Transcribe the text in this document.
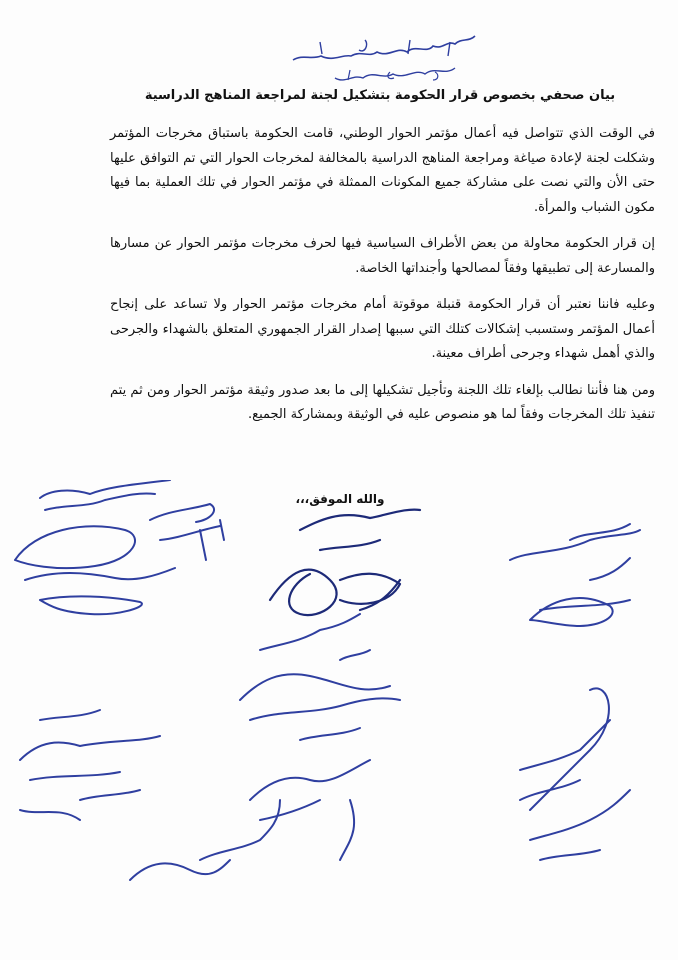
بيان صحفي بخصوص قرار الحكومة بتشكيل لجنة لمراجعة المناهج الدراسية

في الوقت الذي تتواصل فيه أعمال مؤتمر الحوار الوطني، قامت الحكومة باستباق مخرجات المؤتمر وشكلت لجنة لإعادة صياغة ومراجعة المناهج الدراسية بالمخالفة لمخرجات الحوار التي تم التوافق عليها حتى الأن والتي نصت على مشاركة جميع المكونات الممثلة في مؤتمر الحوار في تلك العملية بما فيها مكون الشباب والمرأة.

إن قرار الحكومة محاولة من بعض الأطراف السياسية فيها لحرف مخرجات مؤتمر الحوار عن مسارها والمسارعة إلى تطبيقها وفقاً لمصالحها وأجنداتها الخاصة.

وعليه فاننا نعتبر أن قرار الحكومة قنبلة موقوتة أمام مخرجات مؤتمر الحوار ولا تساعد على إنجاح أعمال المؤتمر وستسبب إشكالات كتلك التي سببها إصدار القرار الجمهوري المتعلق بالشهداء والجرحى والذي أهمل شهداء وجرحى أطراف معينة.

ومن هنا فأننا نطالب بإلغاء تلك اللجنة وتأجيل تشكيلها إلى ما بعد صدور وثيقة مؤتمر الحوار ومن ثم يتم تنفيذ تلك المخرجات وفقاً لما هو منصوص عليه في الوثيقة وبمشاركة الجميع.

والله الموفق،،،
